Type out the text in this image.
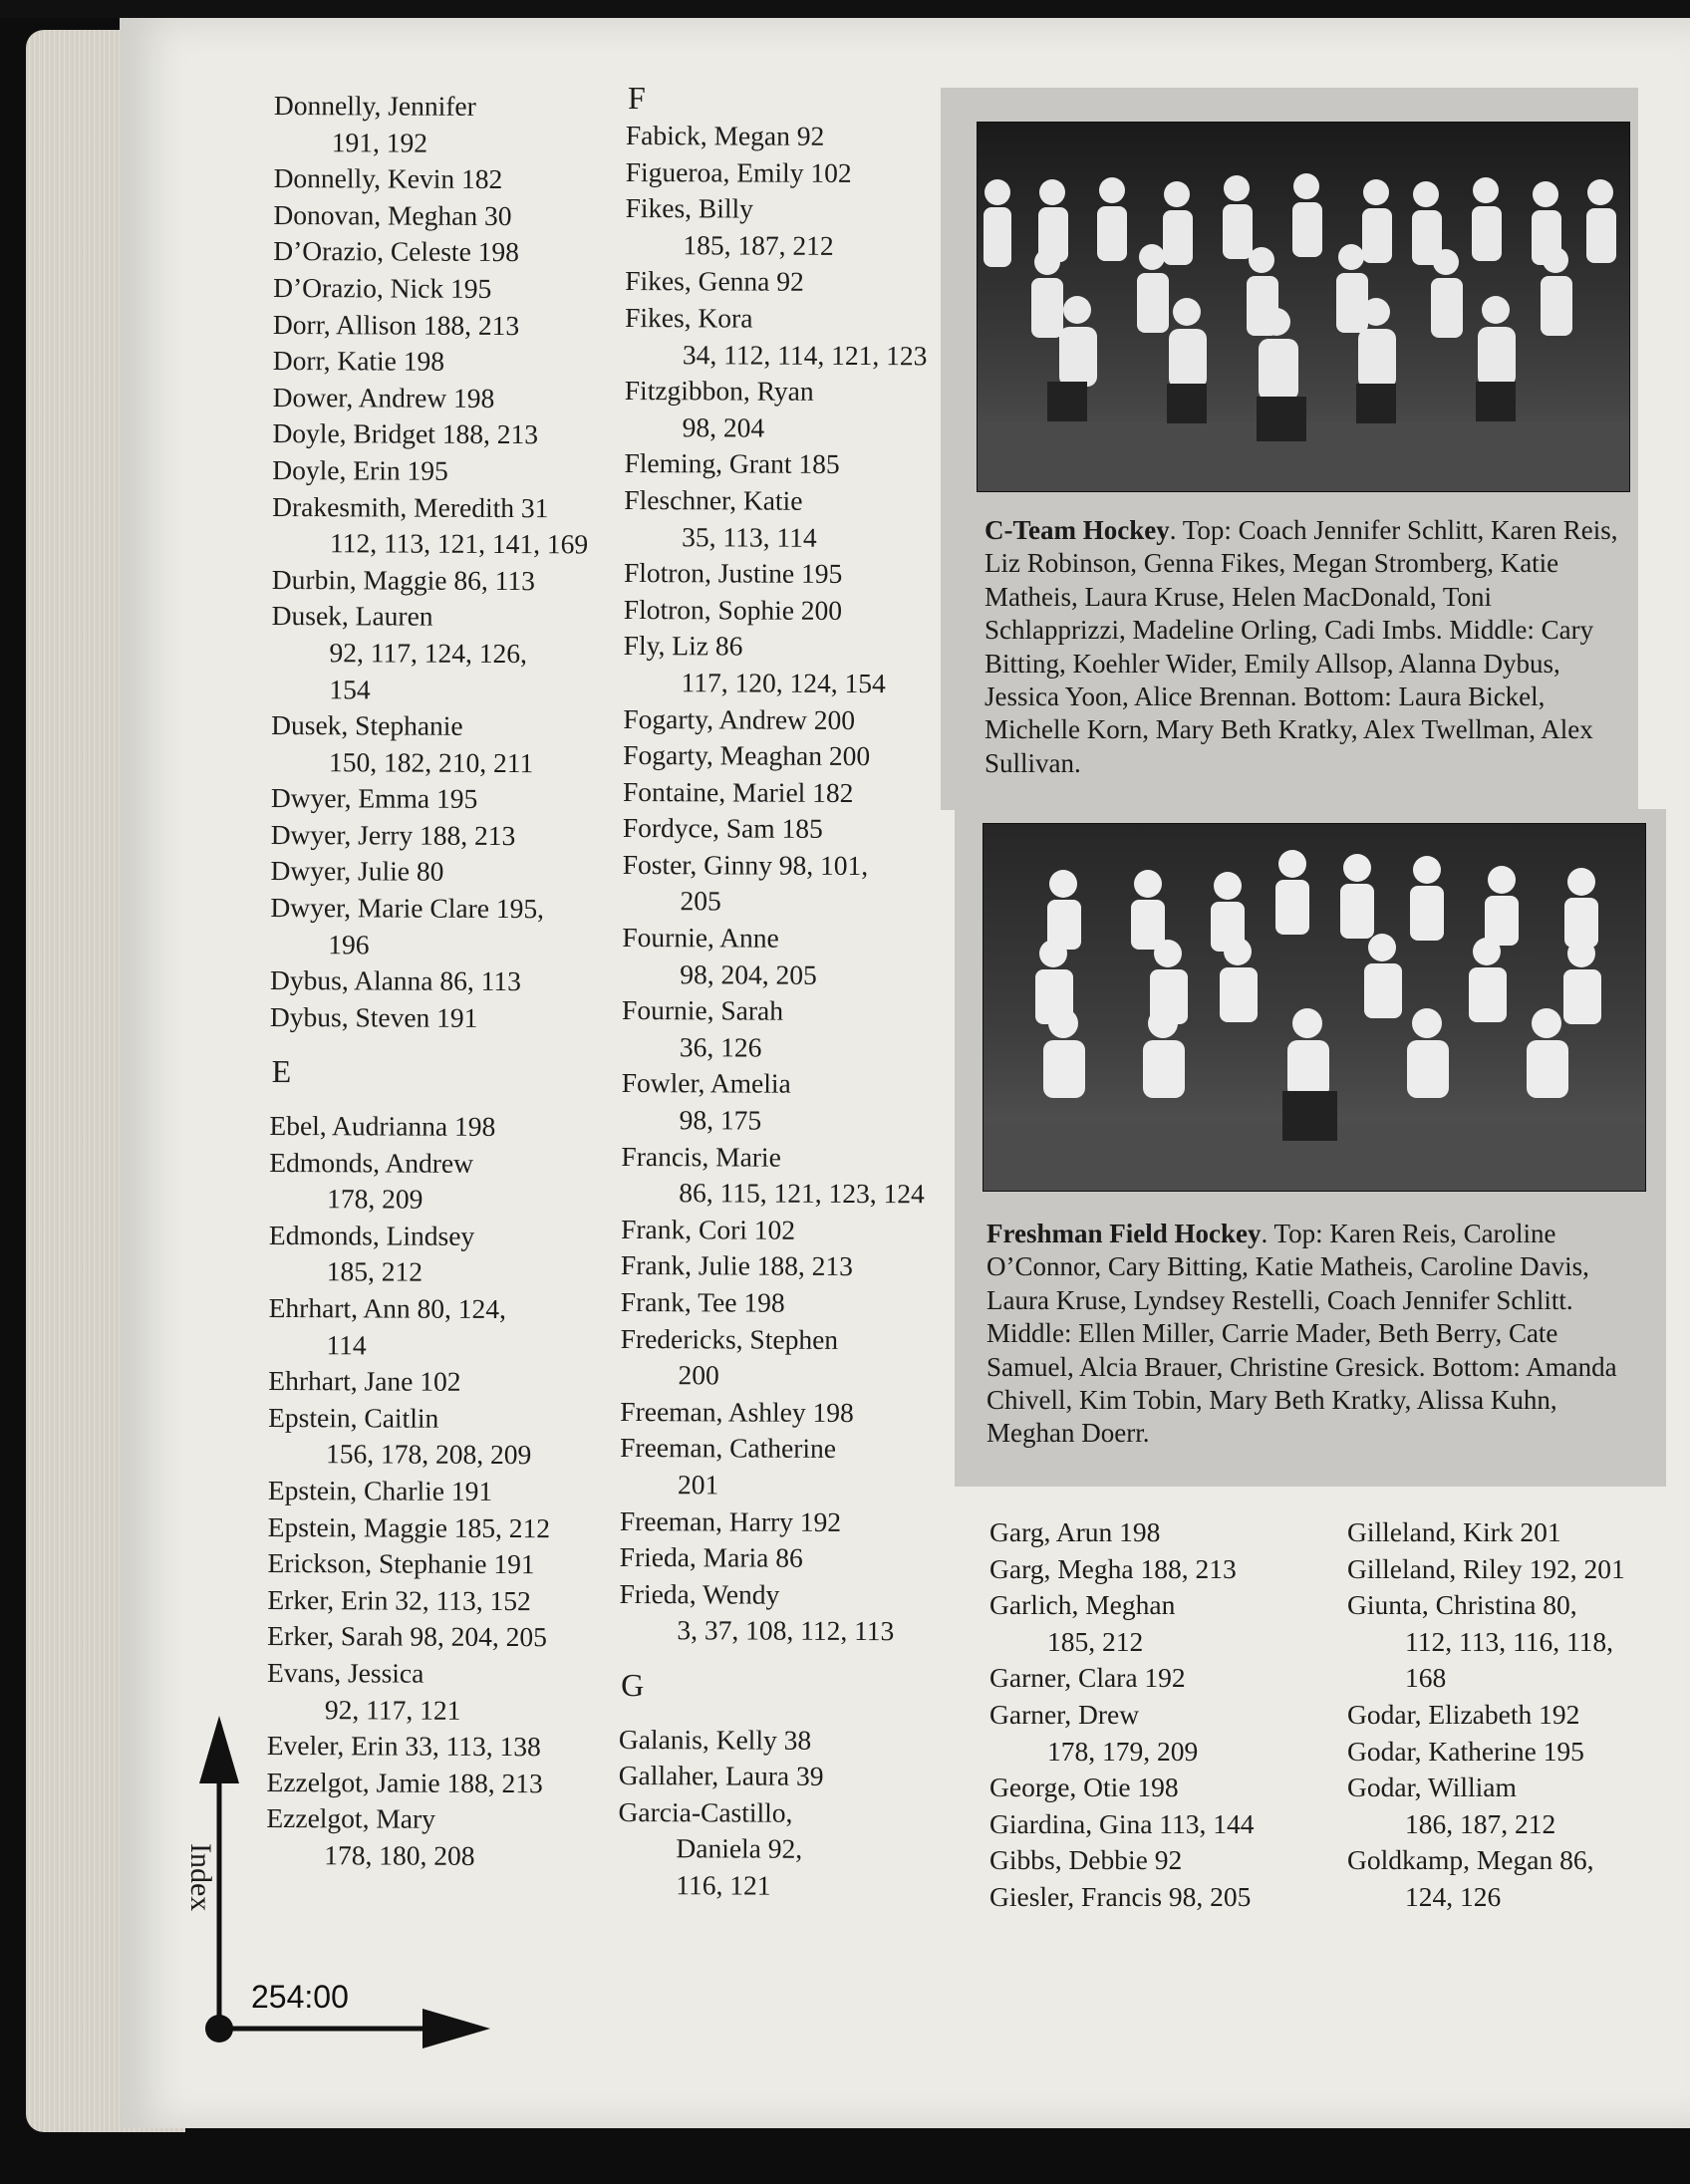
Donnelly, Jennifer
191, 192
Donnelly, Kevin 182
Donovan, Meghan 30
D’Orazio, Celeste 198
D’Orazio, Nick 195
Dorr, Allison 188, 213
Dorr, Katie 198
Dower, Andrew 198
Doyle, Bridget 188, 213
Doyle, Erin 195
Drakesmith, Meredith 31
112, 113, 121, 141, 169
Durbin, Maggie 86, 113
Dusek, Lauren
92, 117, 124, 126,
154
Dusek, Stephanie
150, 182, 210, 211
Dwyer, Emma 195
Dwyer, Jerry 188, 213
Dwyer, Julie 80
Dwyer, Marie Clare 195,
196
Dybus, Alanna 86, 113
Dybus, Steven 191
E
Ebel, Audrianna 198
Edmonds, Andrew
178, 209
Edmonds, Lindsey
185, 212
Ehrhart, Ann 80, 124,
114
Ehrhart, Jane 102
Epstein, Caitlin
156, 178, 208, 209
Epstein, Charlie 191
Epstein, Maggie 185, 212
Erickson, Stephanie 191
Erker, Erin 32, 113, 152
Erker, Sarah 98, 204, 205
Evans, Jessica
92, 117, 121
Eveler, Erin 33, 113, 138
Ezzelgot, Jamie 188, 213
Ezzelgot, Mary
178, 180, 208
F
Fabick, Megan 92
Figueroa, Emily 102
Fikes, Billy
185, 187, 212
Fikes, Genna 92
Fikes, Kora
34, 112, 114, 121, 123
Fitzgibbon, Ryan
98, 204
Fleming, Grant 185
Fleschner, Katie
35, 113, 114
Flotron, Justine 195
Flotron, Sophie 200
Fly, Liz 86
117, 120, 124, 154
Fogarty, Andrew 200
Fogarty, Meaghan 200
Fontaine, Mariel 182
Fordyce, Sam 185
Foster, Ginny 98, 101,
205
Fournie, Anne
98, 204, 205
Fournie, Sarah
36, 126
Fowler, Amelia
98, 175
Francis, Marie
86, 115, 121, 123, 124
Frank, Cori 102
Frank, Julie 188, 213
Frank, Tee 198
Fredericks, Stephen
200
Freeman, Ashley 198
Freeman, Catherine
201
Freeman, Harry 192
Frieda, Maria 86
Frieda, Wendy
3, 37, 108, 112, 113
G
Galanis, Kelly 38
Gallaher, Laura 39
Garcia-Castillo,
Daniela 92,
116, 121
C-Team Hockey. Top: Coach Jennifer Schlitt, Karen Reis, Liz Robinson, Genna Fikes, Megan Stromberg, Katie Matheis, Laura Kruse, Helen MacDonald, Toni Schlapprizzi, Madeline Orling, Cadi Imbs. Middle: Cary Bitting, Koehler Wider, Emily Allsop, Alanna Dybus, Jessica Yoon, Alice Brennan. Bottom: Laura Bickel, Michelle Korn, Mary Beth Kratky, Alex Twellman, Alex Sullivan.
Freshman Field Hockey. Top: Karen Reis, Caroline O’Connor, Cary Bitting, Katie Matheis, Caroline Davis, Laura Kruse, Lyndsey Restelli, Coach Jennifer Schlitt. Middle: Ellen Miller, Carrie Mader, Beth Berry, Cate Samuel, Alcia Brauer, Christine Gresick. Bottom: Amanda Chivell, Kim Tobin, Mary Beth Kratky, Alissa Kuhn, Meghan Doerr.
Garg, Arun 198
Garg, Megha 188, 213
Garlich, Meghan
185, 212
Garner, Clara 192
Garner, Drew
178, 179, 209
George, Otie 198
Giardina, Gina 113, 144
Gibbs, Debbie 92
Giesler, Francis 98, 205
Gilleland, Kirk 201
Gilleland, Riley 192, 201
Giunta, Christina 80,
112, 113, 116, 118,
168
Godar, Elizabeth 192
Godar, Katherine 195
Godar, William
186, 187, 212
Goldkamp, Megan 86,
124, 126
Index
254:00
